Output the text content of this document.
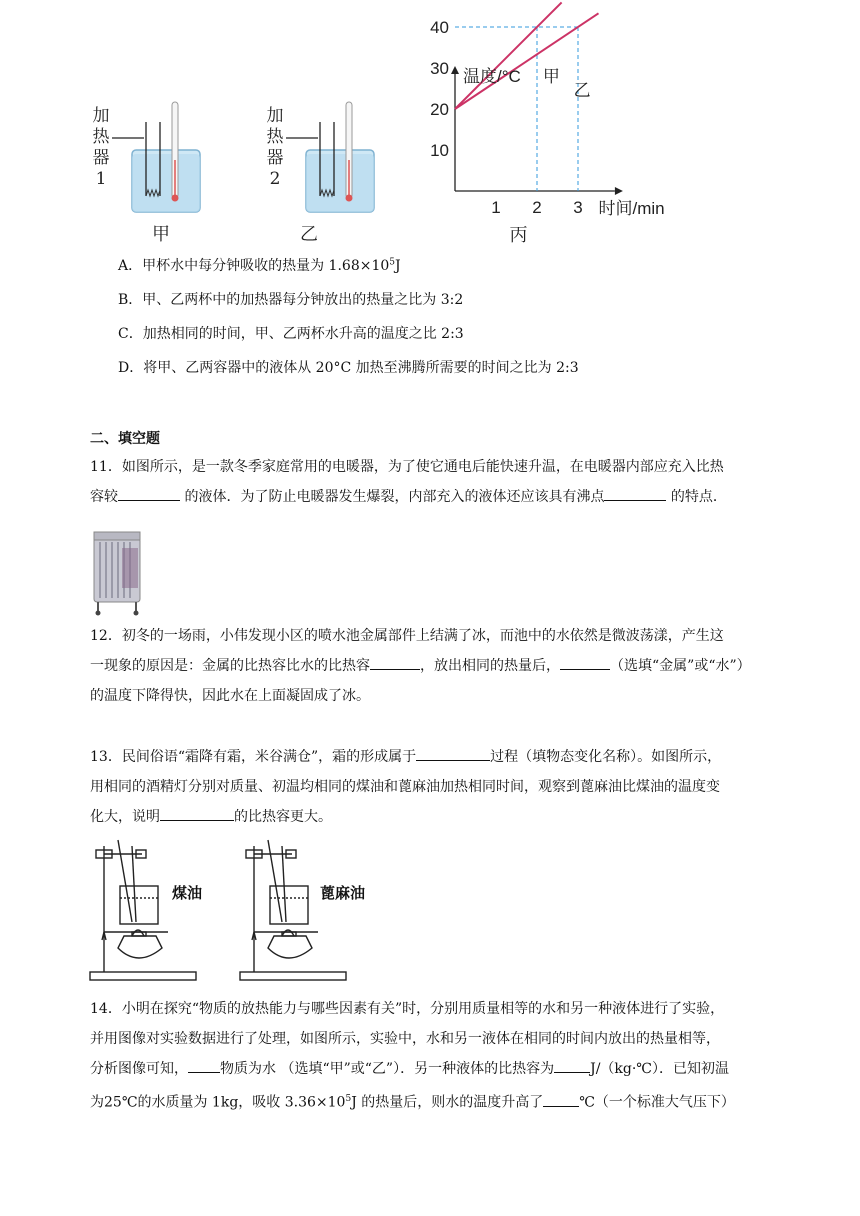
加
热
器
1
甲
加
热
器
2
乙
10
20
30
40
1 2 3
温度/°C
时间/min
甲
乙
丙
A．甲杯水中每分钟吸收的热量为 $1.68\times 10^5J$
B．甲、乙两杯中的加热器每分钟放出的热量之比为 3:2
C．加热相同的时间，甲、乙两杯水升高的温度之比 2:3
D．将甲、乙两容器中的液体从 20°C 加热至沸腾所需要的时间之比为 2:3
二、填空题
11．如图所示，是一款冬季家庭常用的电暖器，为了使它通电后能快速升温，在电暖器内部应充入比热
容较	的液体．为了防止电暖器发生爆裂，内部充入的液体还应该具有沸点	的特点．
12．初冬的一场雨，小伟发现小区的喷水池金属部件上结满了冰，而池中的水依然是微波荡漾，产生这
一现象的原因是：金属的比热容比水的比热容	，放出相同的热量后，	（选填“金属”或“水”）
的温度下降得快，因此水在上面凝固成了冰。
13．民间俗语“霜降有霜，米谷满仓”，霜的形成属于	过程（填物态变化名称）。如图所示，
用相同的酒精灯分别对质量、初温均相同的煤油和蓖麻油加热相同时间，观察到蓖麻油比煤油的温度变
化大，说明	的比热容更大。
煤油	蓖麻油
14．小明在探究“物质的放热能力与哪些因素有关”时，分别用质量相等的水和另一种液体进行了实验，
并用图像对实验数据进行了处理，如图所示，实验中，水和另一液体在相同的时间内放出的热量相等，
分析图像可知， 物质为水 （选填“甲”或“乙”）．另一种液体的比热容为	J/（kg·℃）．已知初温
为25℃的水质量为 1kg，吸收 $3.36\times 10^5J$ 的热量后，则水的温度升高了	℃（一个标准大气压下）
